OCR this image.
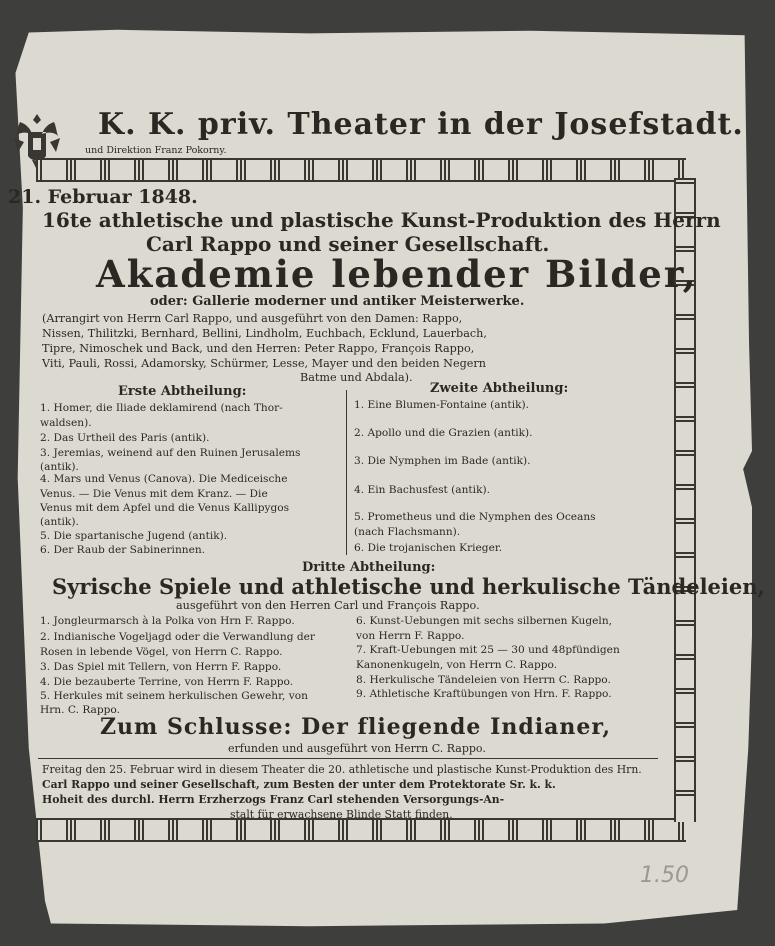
K. K. priv. Theater in der Josefstadt.
und Direktion Franz Pokorny.
21. Februar 1848.
16te athletische und plastische Kunst-Produktion des Herrn
Carl Rappo und seiner Gesellschaft.
Akademie lebender Bilder,
oder: Gallerie moderner und antiker Meisterwerke.
(Arrangirt von Herrn Carl Rappo, und ausgeführt von den Damen: Rappo,
Nissen, Thilitzki, Bernhard, Bellini, Lindholm, Euchbach, Ecklund, Lauerbach,
Tipre, Nimoschek und Back, und den Herren: Peter Rappo, François Rappo,
Viti, Pauli, Rossi, Adamorsky, Schürmer, Lesse, Mayer und den beiden Negern
Batme und Abdala).
Erste Abtheilung:	Zweite Abtheilung:
1. Homer, die Iliade deklamirend (nach Thor-
waldsen).
2. Das Urtheil des Paris (antik).
3. Jeremias, weinend auf den Ruinen Jerusalems
(antik).
4. Mars und Venus (Canova). Die Mediceische
Venus. — Die Venus mit dem Kranz. — Die
Venus mit dem Apfel und die Venus Kallipygos
(antik).
5. Die spartanische Jugend (antik).
6. Der Raub der Sabinerinnen.
1. Eine Blumen-Fontaine (antik).
2. Apollo und die Grazien (antik).
3. Die Nymphen im Bade (antik).
4. Ein Bachusfest (antik).
5. Prometheus und die Nymphen des Oceans
(nach Flachsmann).
6. Die trojanischen Krieger.
Dritte Abtheilung:
Syrische Spiele und athletische und herkulische Tändeleien,
ausgeführt von den Herren Carl und François Rappo.
1. Jongleurmarsch à la Polka von Hrn F. Rappo.
2. Indianische Vogeljagd oder die Verwandlung der
Rosen in lebende Vögel, von Herrn C. Rappo.
3. Das Spiel mit Tellern, von Herrn F. Rappo.
4. Die bezauberte Terrine, von Herrn F. Rappo.
5. Herkules mit seinem herkulischen Gewehr, von
Hrn. C. Rappo.
6. Kunst-Uebungen mit sechs silbernen Kugeln,
von Herrn F. Rappo.
7. Kraft-Uebungen mit 25 — 30 und 48pfündigen
Kanonenkugeln, von Herrn C. Rappo.
8. Herkulische Tändeleien von Herrn C. Rappo.
9. Athletische Kraftübungen von Hrn. F. Rappo.
Zum Schlusse: Der fliegende Indianer,
erfunden und ausgeführt von Herrn C. Rappo.
Freitag den 25. Februar wird in diesem Theater die 20. athletische und plastische Kunst-Produktion des Hrn.
Carl Rappo und seiner Gesellschaft, zum Besten der unter dem Protektorate Sr. k. k.
Hoheit des durchl. Herrn Erzherzogs Franz Carl stehenden Versorgungs-An-
stalt für erwachsene Blinde Statt finden.
1.50
